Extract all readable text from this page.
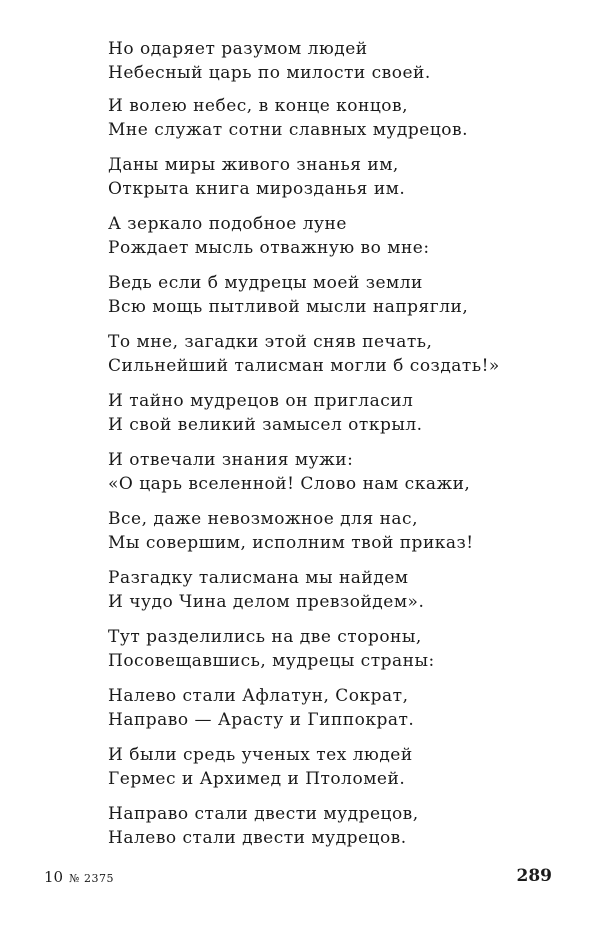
Но одаряет разумом людей
Небесный царь по милости своей.
И волею небес, в конце концов,
Мне служат сотни славных мудрецов.
Даны миры живого знанья им,
Открыта книга мирозданья им.
А зеркало подобное луне
Рождает мысль отважную во мне:
Ведь если б мудрецы моей земли
Всю мощь пытливой мысли напрягли,
То мне, загадки этой сняв печать,
Сильнейший талисман могли б создать!»
И тайно мудрецов он пригласил
И свой великий замысел открыл.
И отвечали знания мужи:
«О царь вселенной! Слово нам скажи,
Все, даже невозможное для нас,
Мы совершим, исполним твой приказ!
Разгадку талисмана мы найдем
И чудо Чина делом превзойдем».
Тут разделились на две стороны,
Посовещавшись, мудрецы страны:
Налево стали Афлатун, Сократ,
Направо — Арасту и Гиппократ.
И были средь ученых тех людей
Гермес и Архимед и Птоломей.
Направо стали двести мудрецов,
Налево стали двести мудрецов.
10 № 2375	289
